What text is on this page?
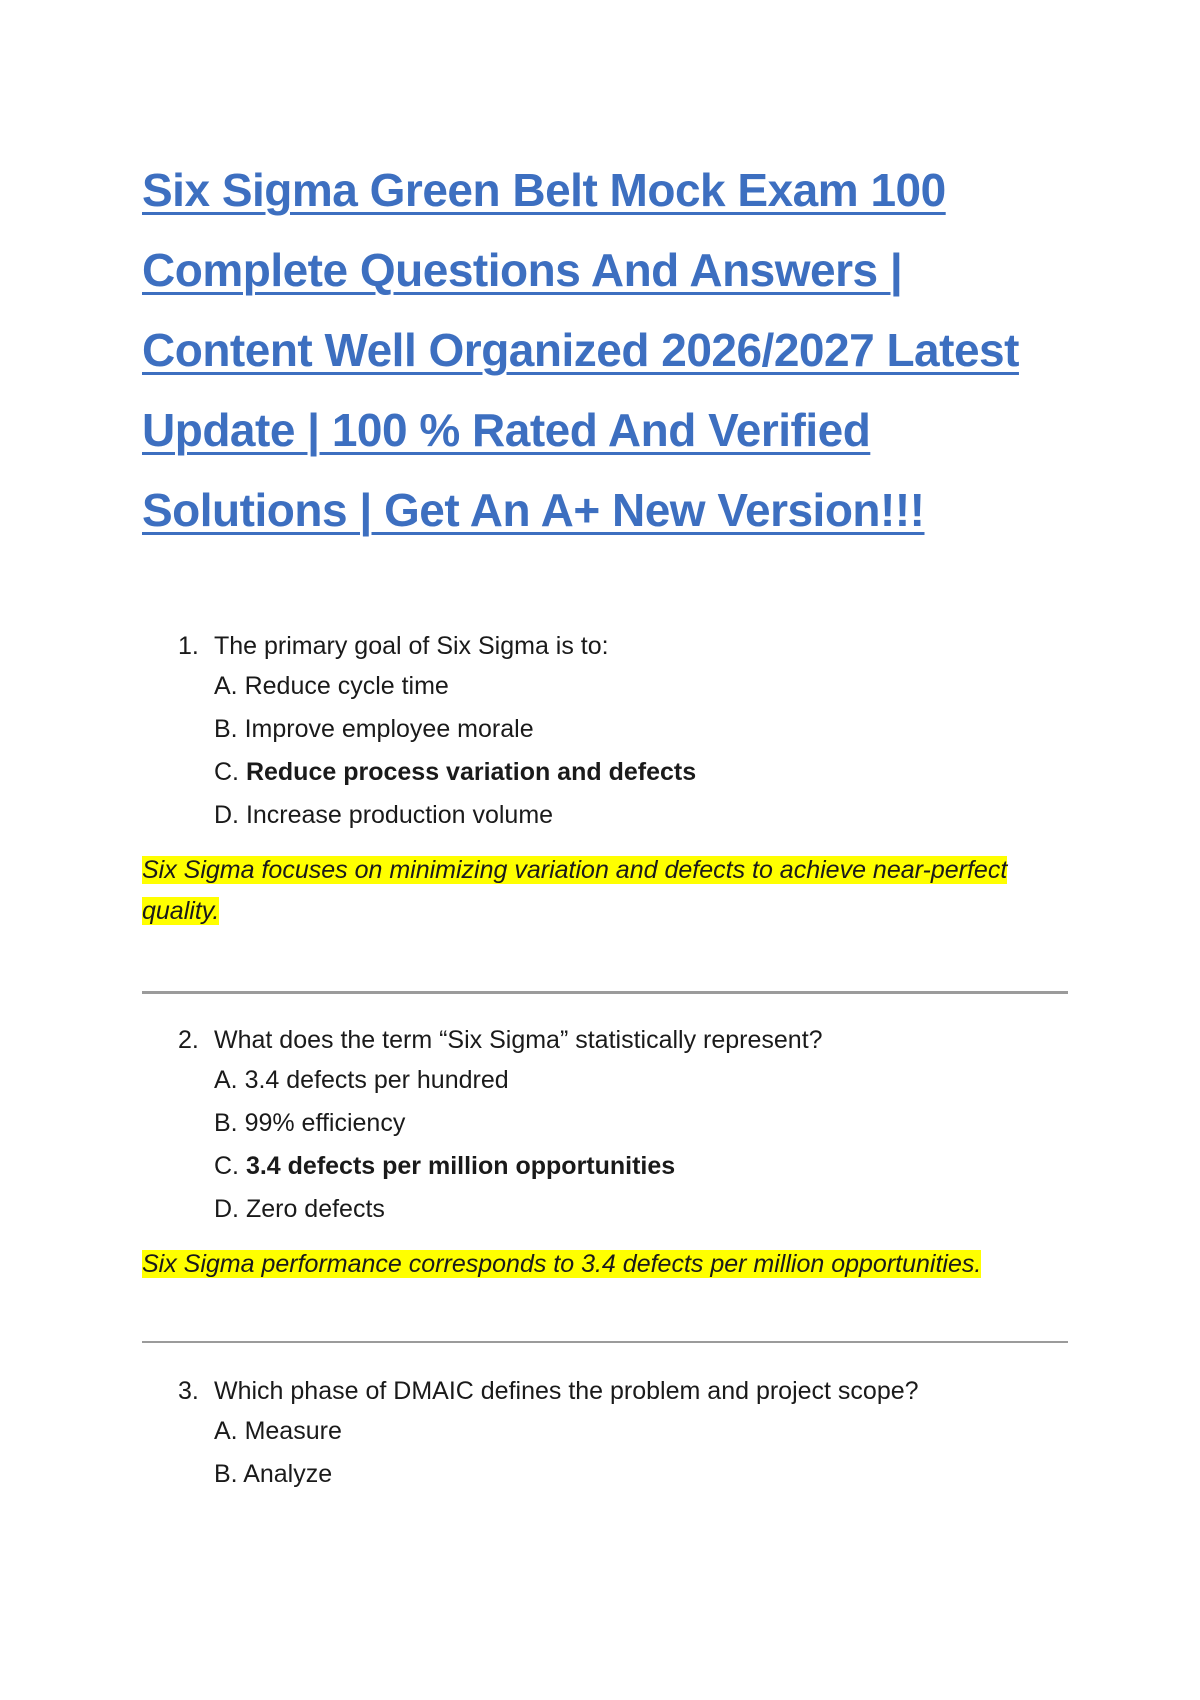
Six Sigma Green Belt Mock Exam 100
Complete Questions And Answers |
Content Well Organized 2026/2027 Latest
Update | 100 % Rated And Verified
Solutions | Get An A+ New Version!!!
1. The primary goal of Six Sigma is to:
A. Reduce cycle time
B. Improve employee morale
C. Reduce process variation and defects
D. Increase production volume
Six Sigma focuses on minimizing variation and defects to achieve near-perfect quality.
2. What does the term “Six Sigma” statistically represent?
A. 3.4 defects per hundred
B. 99% efficiency
C. 3.4 defects per million opportunities
D. Zero defects
Six Sigma performance corresponds to 3.4 defects per million opportunities.
3. Which phase of DMAIC defines the problem and project scope?
A. Measure
B. Analyze
